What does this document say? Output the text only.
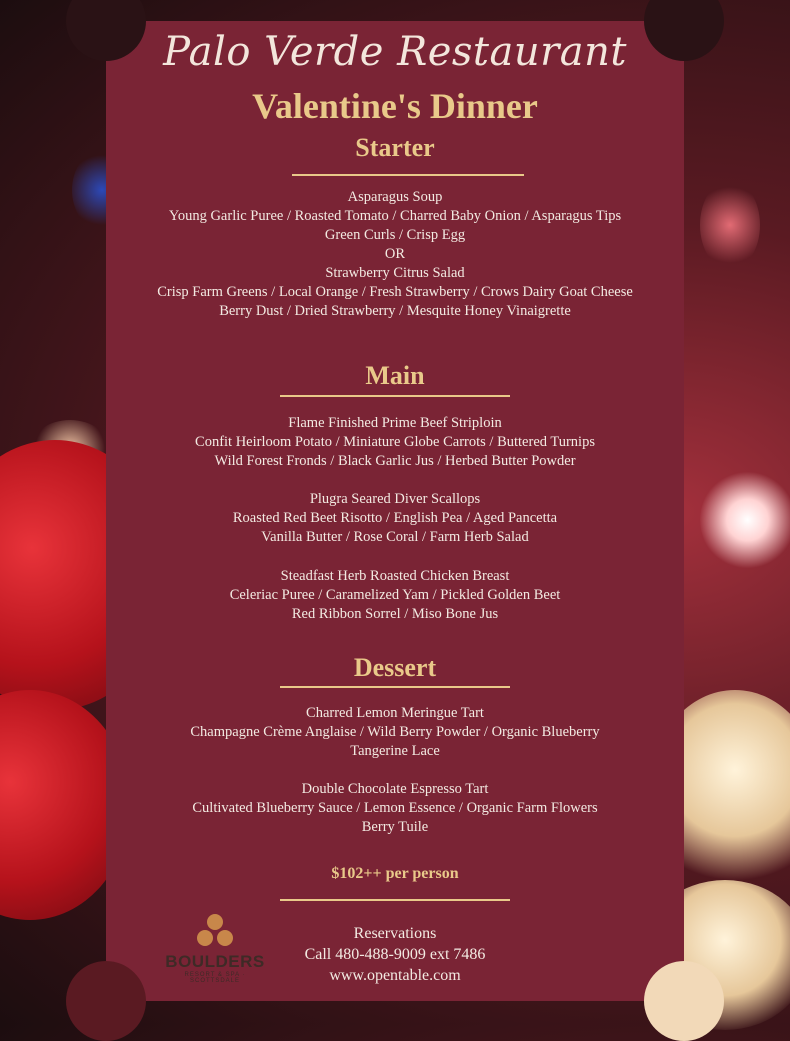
Palo Verde Restaurant
Valentine's Dinner
Starter
Asparagus Soup
Young Garlic Puree / Roasted Tomato / Charred Baby Onion / Asparagus Tips
Green Curls / Crisp Egg
OR
Strawberry Citrus Salad
Crisp Farm Greens / Local Orange / Fresh Strawberry / Crows Dairy Goat Cheese
Berry Dust / Dried Strawberry / Mesquite Honey Vinaigrette
Main
Flame Finished Prime Beef Striploin
Confit Heirloom Potato / Miniature Globe Carrots / Buttered Turnips
Wild Forest Fronds / Black Garlic Jus / Herbed Butter Powder
Plugra Seared Diver Scallops
Roasted Red Beet Risotto / English Pea / Aged Pancetta
Vanilla Butter / Rose Coral / Farm Herb Salad
Steadfast Herb Roasted Chicken Breast
Celeriac Puree / Caramelized Yam / Pickled Golden Beet
Red Ribbon Sorrel / Miso Bone Jus
Dessert
Charred Lemon Meringue Tart
Champagne Crème Anglaise / Wild Berry Powder / Organic Blueberry
Tangerine Lace
Double Chocolate Espresso Tart
Cultivated Blueberry Sauce / Lemon Essence / Organic Farm Flowers
Berry Tuile
$102++ per person
Reservations
Call 480-488-9009 ext 7486
www.opentable.com
BOULDERS
RESORT & SPA · SCOTTSDALE
